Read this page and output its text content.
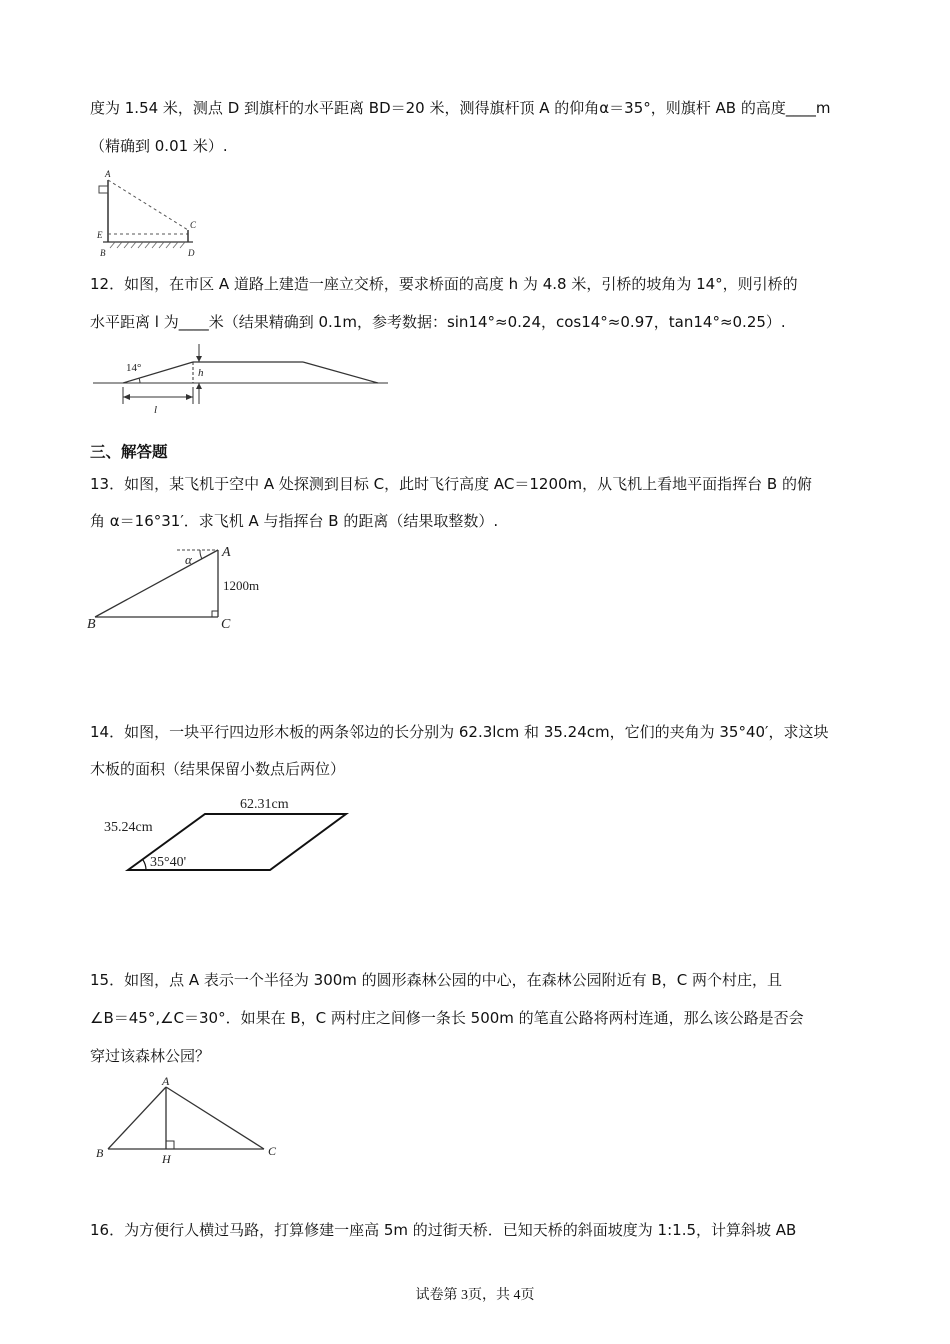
度为 1.54 米，测点 D 到旗杆的水平距离 BD＝20 米，测得旗杆顶 A 的仰角α＝35°，则旗杆 AB 的高度____m
（精确到 0.01 米）.
A
E
B
C
D
12．如图，在市区 A 道路上建造一座立交桥，要求桥面的高度 h 为 4.8 米，引桥的坡角为 14°，则引桥的
水平距离 l 为____米（结果精确到 0.1m，参考数据：sin14°≈0.24，cos14°≈0.97，tan14°≈0.25）.
14°	h
l
三、解答题
13．如图，某飞机于空中 A 处探测到目标 C，此时飞行高度 AC＝1200m，从飞机上看地平面指挥台 B 的俯
角 α＝16°31′．求飞机 A 与指挥台 B 的距离（结果取整数）.
A
B	C
α
1200m
14．如图，一块平行四边形木板的两条邻边的长分别为 62.3lcm 和 35.24cm，它们的夹角为 35°40′，求这块
木板的面积（结果保留小数点后两位）
62.31cm
35.24cm
35°40'
15．如图，点 A 表示一个半径为 300m 的圆形森林公园的中心，在森林公园附近有 B，C 两个村庄，且
∠B＝45°,∠C＝30°．如果在 B，C 两村庄之间修一条长 500m 的笔直公路将两村连通，那么该公路是否会
穿过该森林公园？
A
B	C
H
16．为方便行人横过马路，打算修建一座高 5m 的过街天桥．已知天桥的斜面坡度为 1:1.5，计算斜坡 AB
试卷第 3页，共 4页
